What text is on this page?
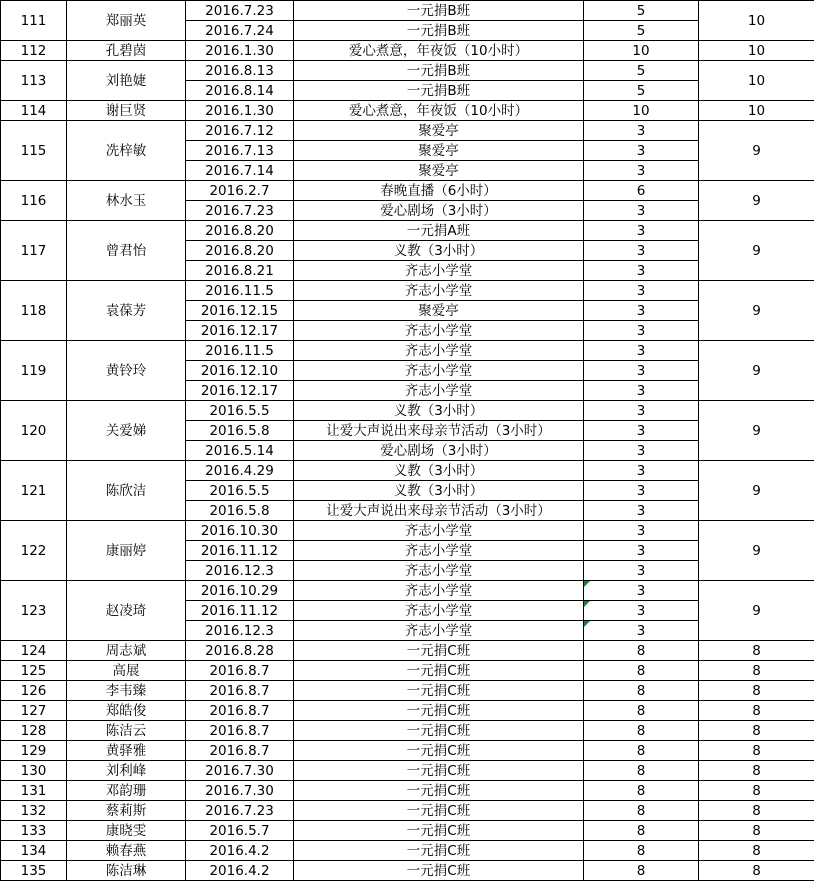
111	郑丽英	2016.7.23	一元捐B班	5	10
		2016.7.24	一元捐B班	5	
112	孔碧茵	2016.1.30	爱心煮意，年夜饭（10小时）	10	10
113	刘艳婕	2016.8.13	一元捐B班	5	10
		2016.8.14	一元捐B班	5	
114	谢巨贤	2016.1.30	爱心煮意，年夜饭（10小时）	10	10
115	冼梓敏	2016.7.12	聚爱亭	3	9
		2016.7.13	聚爱亭	3	
		2016.7.14	聚爱亭	3	
116	林水玉	2016.2.7	春晚直播（6小时）	6	9
		2016.7.23	爱心剧场（3小时）	3	
117	曾君怡	2016.8.20	一元捐A班	3	9
		2016.8.20	义教（3小时）	3	
		2016.8.21	齐志小学堂	3	
118	袁葆芳	2016.11.5	齐志小学堂	3	9
		2016.12.15	聚爱亭	3	
		2016.12.17	齐志小学堂	3	
119	黄铃玲	2016.11.5	齐志小学堂	3	9
		2016.12.10	齐志小学堂	3	
		2016.12.17	齐志小学堂	3	
120	关爱娣	2016.5.5	义教（3小时）	3	9
		2016.5.8	让爱大声说出来母亲节活动（3小时）	3	
		2016.5.14	爱心剧场（3小时）	3	
121	陈欣洁	2016.4.29	义教（3小时）	3	9
		2016.5.5	义教（3小时）	3	
		2016.5.8	让爱大声说出来母亲节活动（3小时）	3	
122	康丽婷	2016.10.30	齐志小学堂	3	9
		2016.11.12	齐志小学堂	3	
		2016.12.3	齐志小学堂	3	
123	赵凌琦	2016.10.29	齐志小学堂	3	9
		2016.11.12	齐志小学堂	3	
		2016.12.3	齐志小学堂	3	
124	周志斌	2016.8.28	一元捐C班	8	8
125	高展	2016.8.7	一元捐C班	8	8
126	李韦臻	2016.8.7	一元捐C班	8	8
127	郑皓俊	2016.8.7	一元捐C班	8	8
128	陈洁云	2016.8.7	一元捐C班	8	8
129	黄驿雅	2016.8.7	一元捐C班	8	8
130	刘利峰	2016.7.30	一元捐C班	8	8
131	邓韵珊	2016.7.30	一元捐C班	8	8
132	蔡莉斯	2016.7.23	一元捐C班	8	8
133	康晓雯	2016.5.7	一元捐C班	8	8
134	赖春燕	2016.4.2	一元捐C班	8	8
135	陈洁琳	2016.4.2	一元捐C班	8	8
